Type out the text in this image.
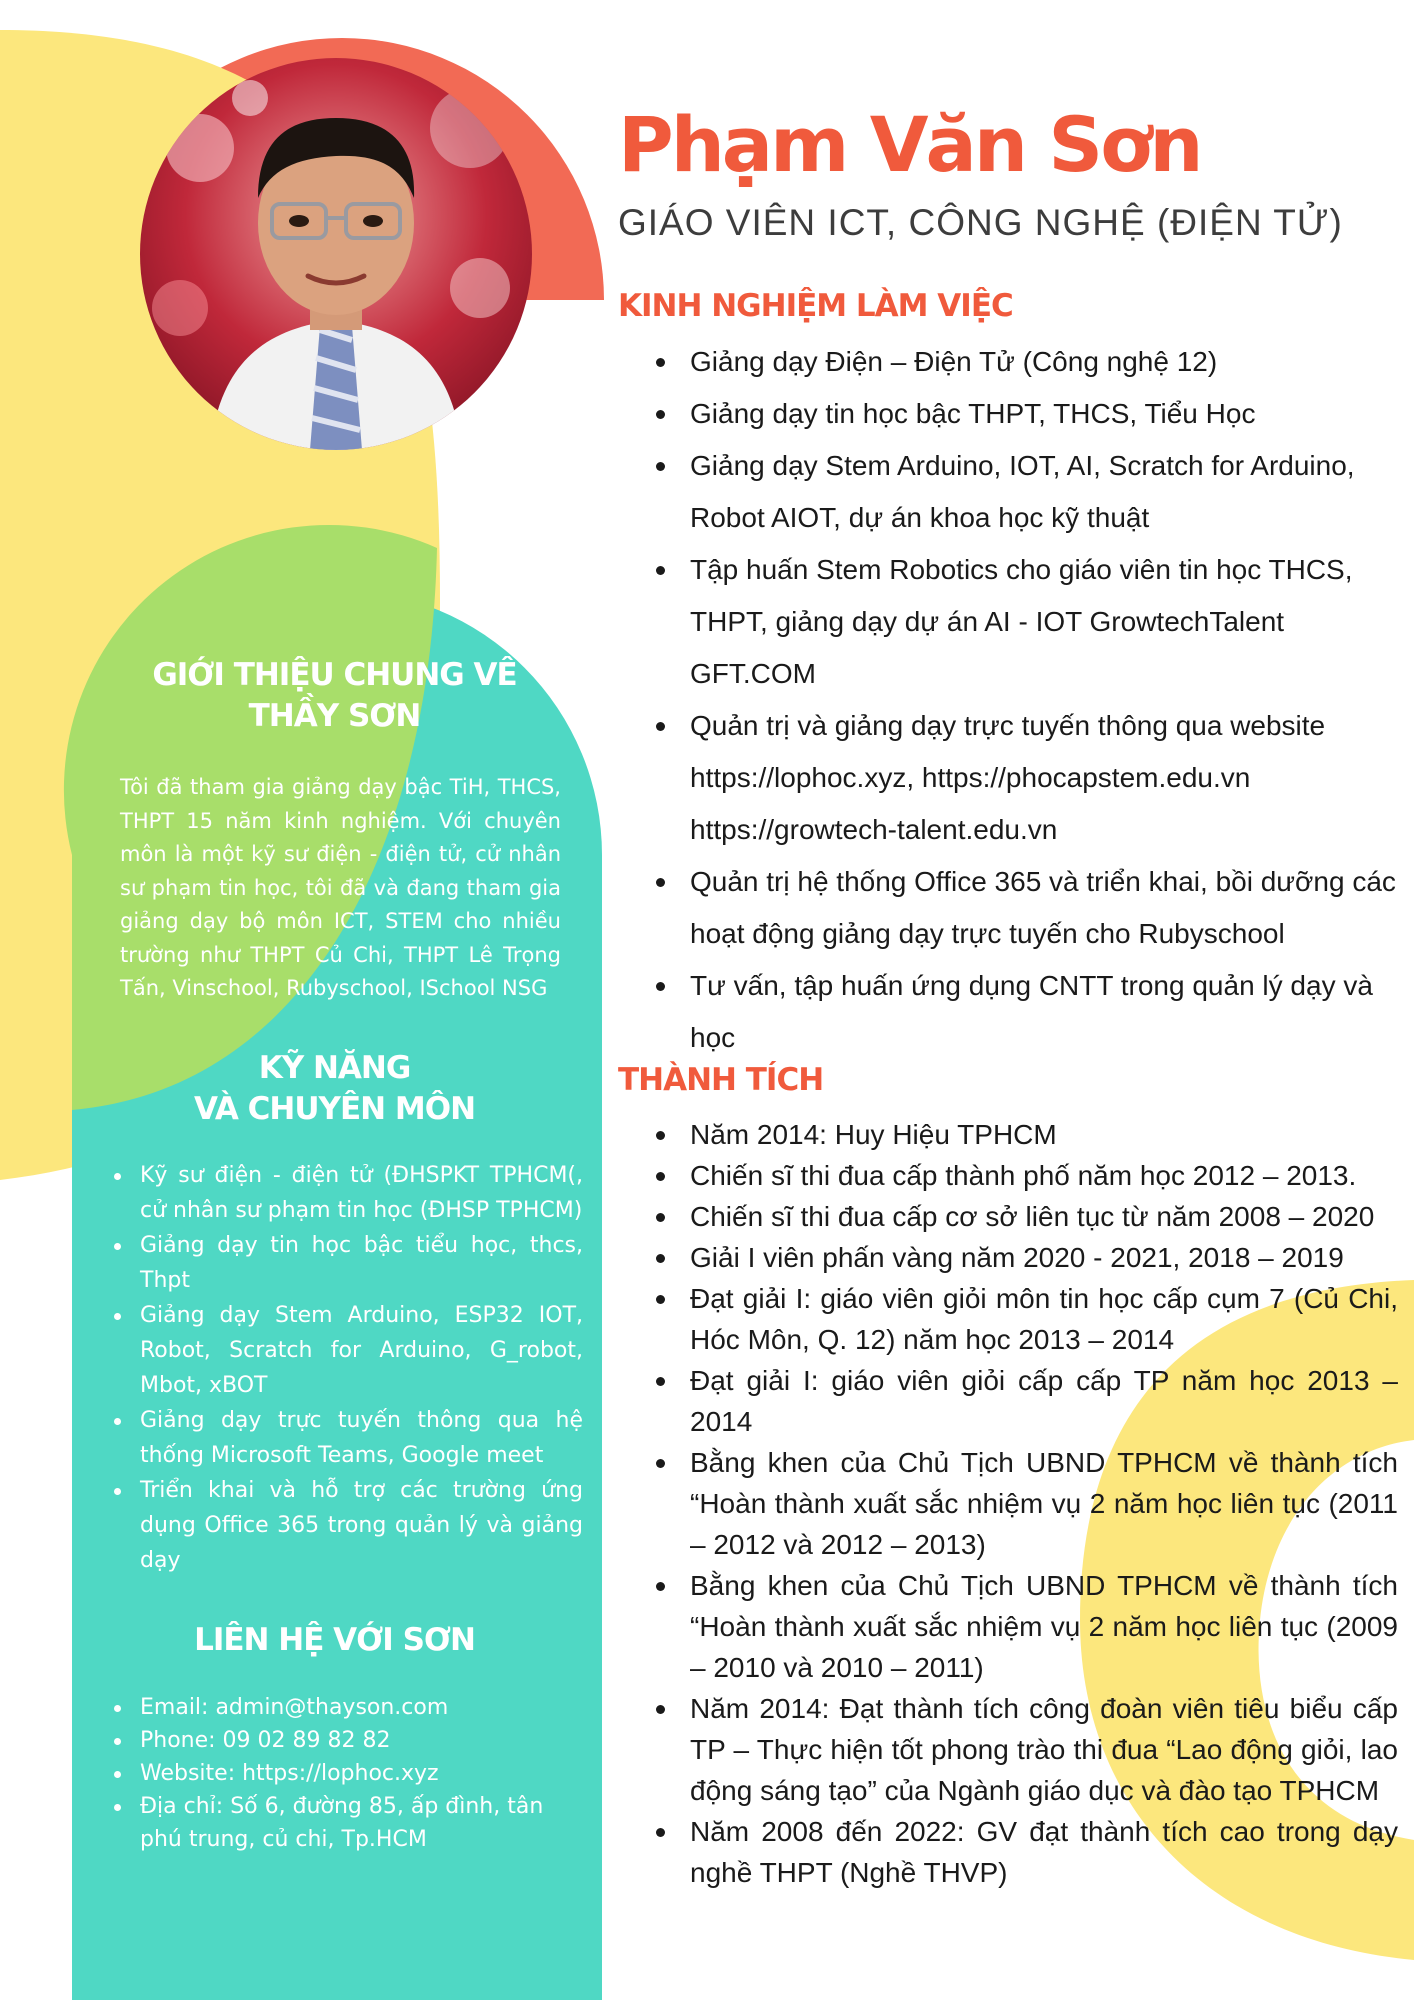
Phạm Văn Sơn

GIÁO VIÊN ICT, CÔNG NGHỆ (ĐIỆN TỬ)

KINH NGHIỆM LÀM VIỆC
Giảng dạy Điện – Điện Tử (Công nghệ 12)
Giảng dạy tin học bậc THPT, THCS, Tiểu Học
Giảng dạy Stem Arduino, IOT, AI, Scratch for Arduino, Robot AIOT, dự án khoa học kỹ thuật
Tập huấn Stem Robotics cho giáo viên tin học THCS, THPT, giảng dạy dự án AI - IOT GrowtechTalent GFT.COM
Quản trị và giảng dạy trực tuyến thông qua website https://lophoc.xyz, https://phocapstem.edu.vn https://growtech-talent.edu.vn
Quản trị hệ thống Office 365 và triển khai, bồi dưỡng các hoạt động giảng dạy trực tuyến cho Rubyschool
Tư vấn, tập huấn ứng dụng CNTT trong quản lý dạy và học
THÀNH TÍCH
Năm 2014: Huy Hiệu TPHCM
Chiến sĩ thi đua cấp thành phố năm học 2012 – 2013.
Chiến sĩ thi đua cấp cơ sở liên tục từ năm 2008 – 2020
Giải I viên phấn vàng năm 2020 - 2021, 2018 – 2019
Đạt giải I: giáo viên giỏi môn tin học cấp cụm 7 (Củ Chi, Hóc Môn, Q. 12) năm học 2013 – 2014
Đạt giải I: giáo viên giỏi cấp cấp TP năm học 2013 – 2014
Bằng khen của Chủ Tịch UBND TPHCM về thành tích “Hoàn thành xuất sắc nhiệm vụ 2 năm học liên tục (2011 – 2012 và 2012 – 2013)
Bằng khen của Chủ Tịch UBND TPHCM về thành tích “Hoàn thành xuất sắc nhiệm vụ 2 năm học liên tục (2009 – 2010 và 2010 – 2011)
Năm 2014: Đạt thành tích công đoàn viên tiêu biểu cấp TP – Thực hiện tốt phong trào thi đua “Lao động giỏi, lao động sáng tạo” của Ngành giáo dục và đào tạo TPHCM
Năm 2008 đến 2022: GV đạt thành tích cao trong dạy nghề THPT (Nghề THVP)
GIỚI THIỆU CHUNG VỀ
THẦY SƠN

Tôi đã tham gia giảng dạy bậc TiH, THCS, THPT 15 năm kinh nghiệm. Với chuyên môn là một kỹ sư điện - điện tử, cử nhân sư phạm tin học, tôi đã và đang tham gia giảng dạy bộ môn ICT, STEM cho nhiều trường như THPT Củ Chi, THPT Lê Trọng Tấn, Vinschool, Rubyschool, ISchool NSG

KỸ NĂNG
VÀ CHUYÊN MÔN
Kỹ sư điện - điện tử (ĐHSPKT TPHCM(, cử nhân sư phạm tin học (ĐHSP TPHCM)
Giảng dạy tin học bậc tiểu học, thcs, Thpt
Giảng dạy Stem Arduino, ESP32 IOT, Robot, Scratch for Arduino, G_robot, Mbot, xBOT
Giảng dạy trực tuyến thông qua hệ thống Microsoft Teams, Google meet
Triển khai và hỗ trợ các trường ứng dụng Office 365 trong quản lý và giảng dạy
LIÊN HỆ VỚI SƠN
Email: admin@thayson.com
Phone: 09 02 89 82 82
Website: https://lophoc.xyz
Địa chỉ: Số 6, đường 85, ấp đình, tân phú trung, củ chi, Tp.HCM
